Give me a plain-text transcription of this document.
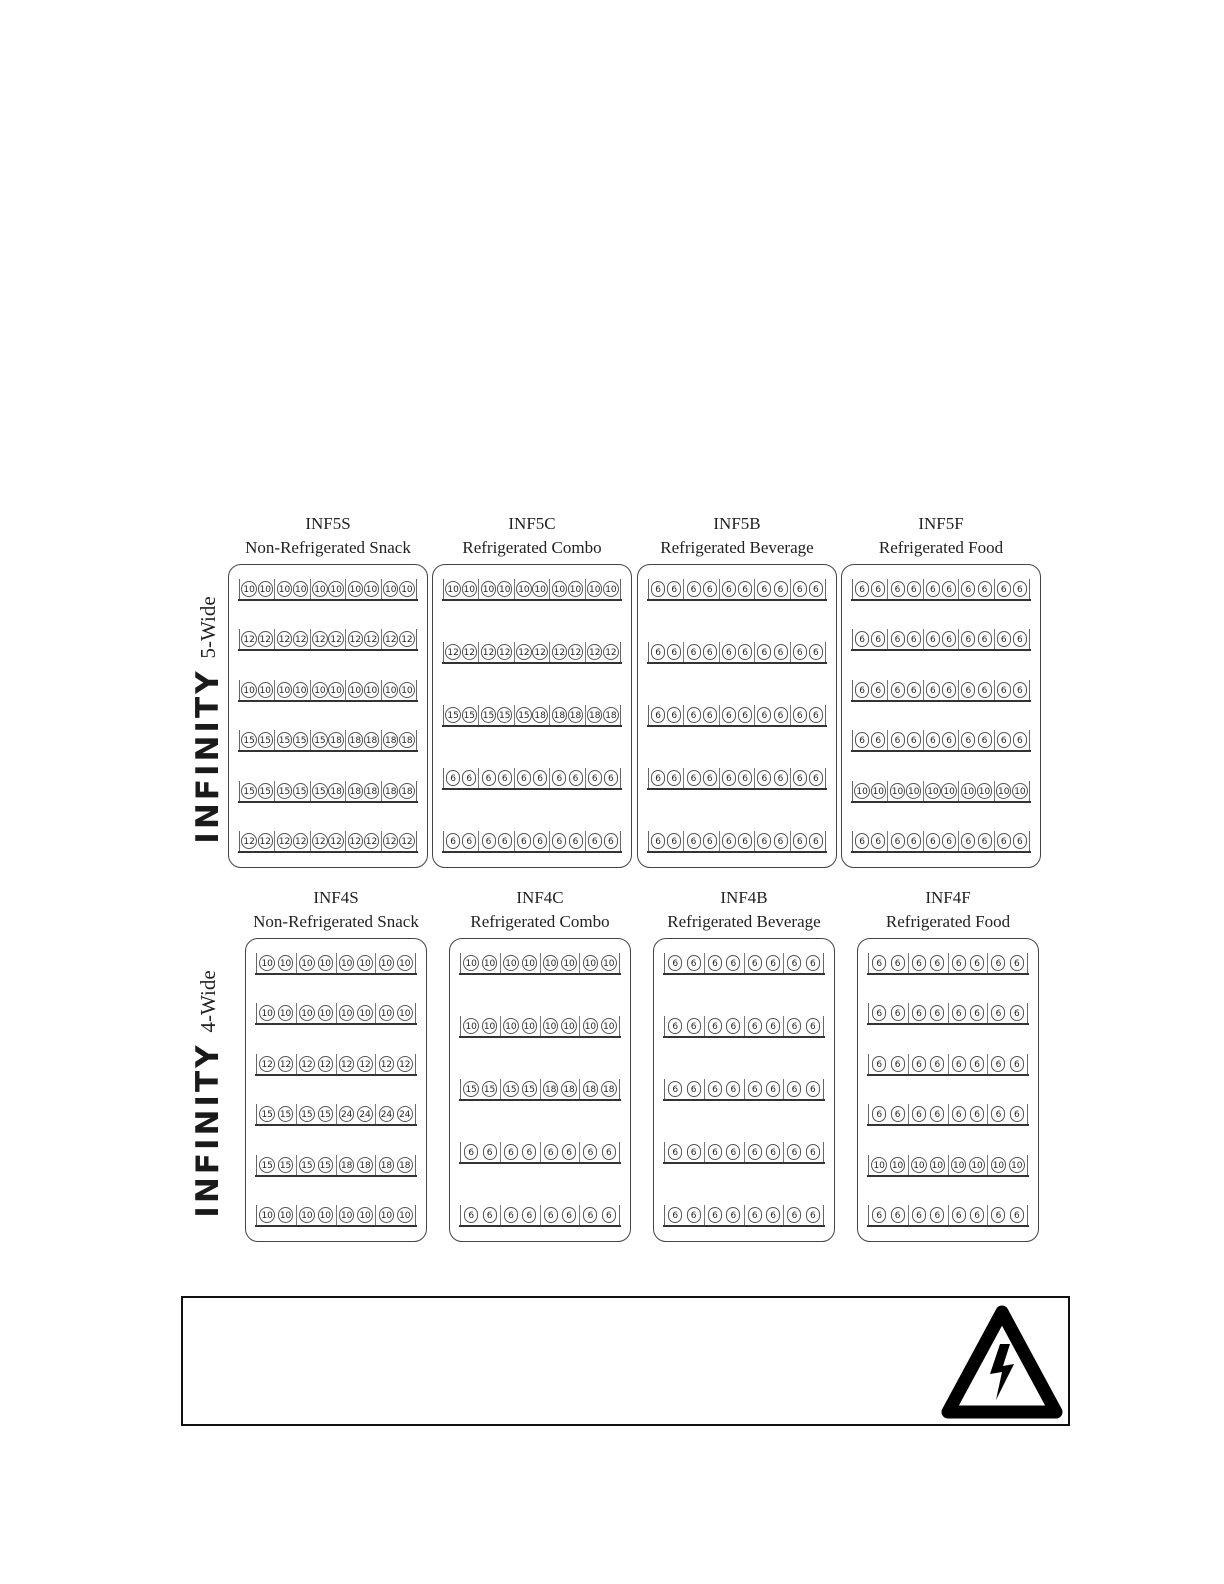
INFINITY
5-Wide
INF5S
Non-Refrigerated Snack
10 10 10 10 10 10 10 10 10 10
12 12 12 12 12 12 12 12 12 12
10 10 10 10 10 10 10 10 10 10
15 15 15 15 15 18 18 18 18 18
15 15 15 15 15 18 18 18 18 18
12 12 12 12 12 12 12 12 12 12
INF5C
Refrigerated Combo
10 10 10 10 10 10 10 10 10 10
12 12 12 12 12 12 12 12 12 12
15 15 15 15 15 18 18 18 18 18
6	6	6	6	6	6	6	6	6	6
6	6	6	6	6	6	6	6	6	6
INF5B
Refrigerated Beverage
6	6	6	6	6	6	6	6	6	6
6	6	6	6	6	6	6	6	6	6
6	6	6	6	6	6	6	6	6	6
6	6	6	6	6	6	6	6	6	6
6	6	6	6	6	6	6	6	6	6
INF5F
Refrigerated Food
6	6	6	6	6	6	6	6	6	6
6	6	6	6	6	6	6	6	6	6
6	6	6	6	6	6	6	6	6	6
6	6	6	6	6	6	6	6	6	6
10 10 10 10 10 10 10 10 10 10
6	6	6	6	6	6	6	6	6	6
INFINITY
4-Wide
INF4S
Non-Refrigerated Snack
10 10 10 10 10 10 10 10
10 10 10 10 10 10 10 10
12 12 12 12 12 12 12 12
15 15 15 15 24 24 24 24
15 15 15 15 18 18 18 18
10 10 10 10 10 10 10 10
INF4C
Refrigerated Combo
10 10 10 10 10 10 10 10
10 10 10 10 10 10 10 10
15 15 15 15 18 18 18 18
6	6	6	6	6	6	6	6
6	6	6	6	6	6	6	6
INF4B
Refrigerated Beverage
6	6	6	6	6	6	6	6
6	6	6	6	6	6	6	6
6	6	6	6	6	6	6	6
6	6	6	6	6	6	6	6
6	6	6	6	6	6	6	6
INF4F
Refrigerated Food
6	6	6	6	6	6	6	6
6	6	6	6	6	6	6	6
6	6	6	6	6	6	6	6
6	6	6	6	6	6	6	6
10 10 10 10 10 10 10 10
6	6	6	6	6	6	6	6
